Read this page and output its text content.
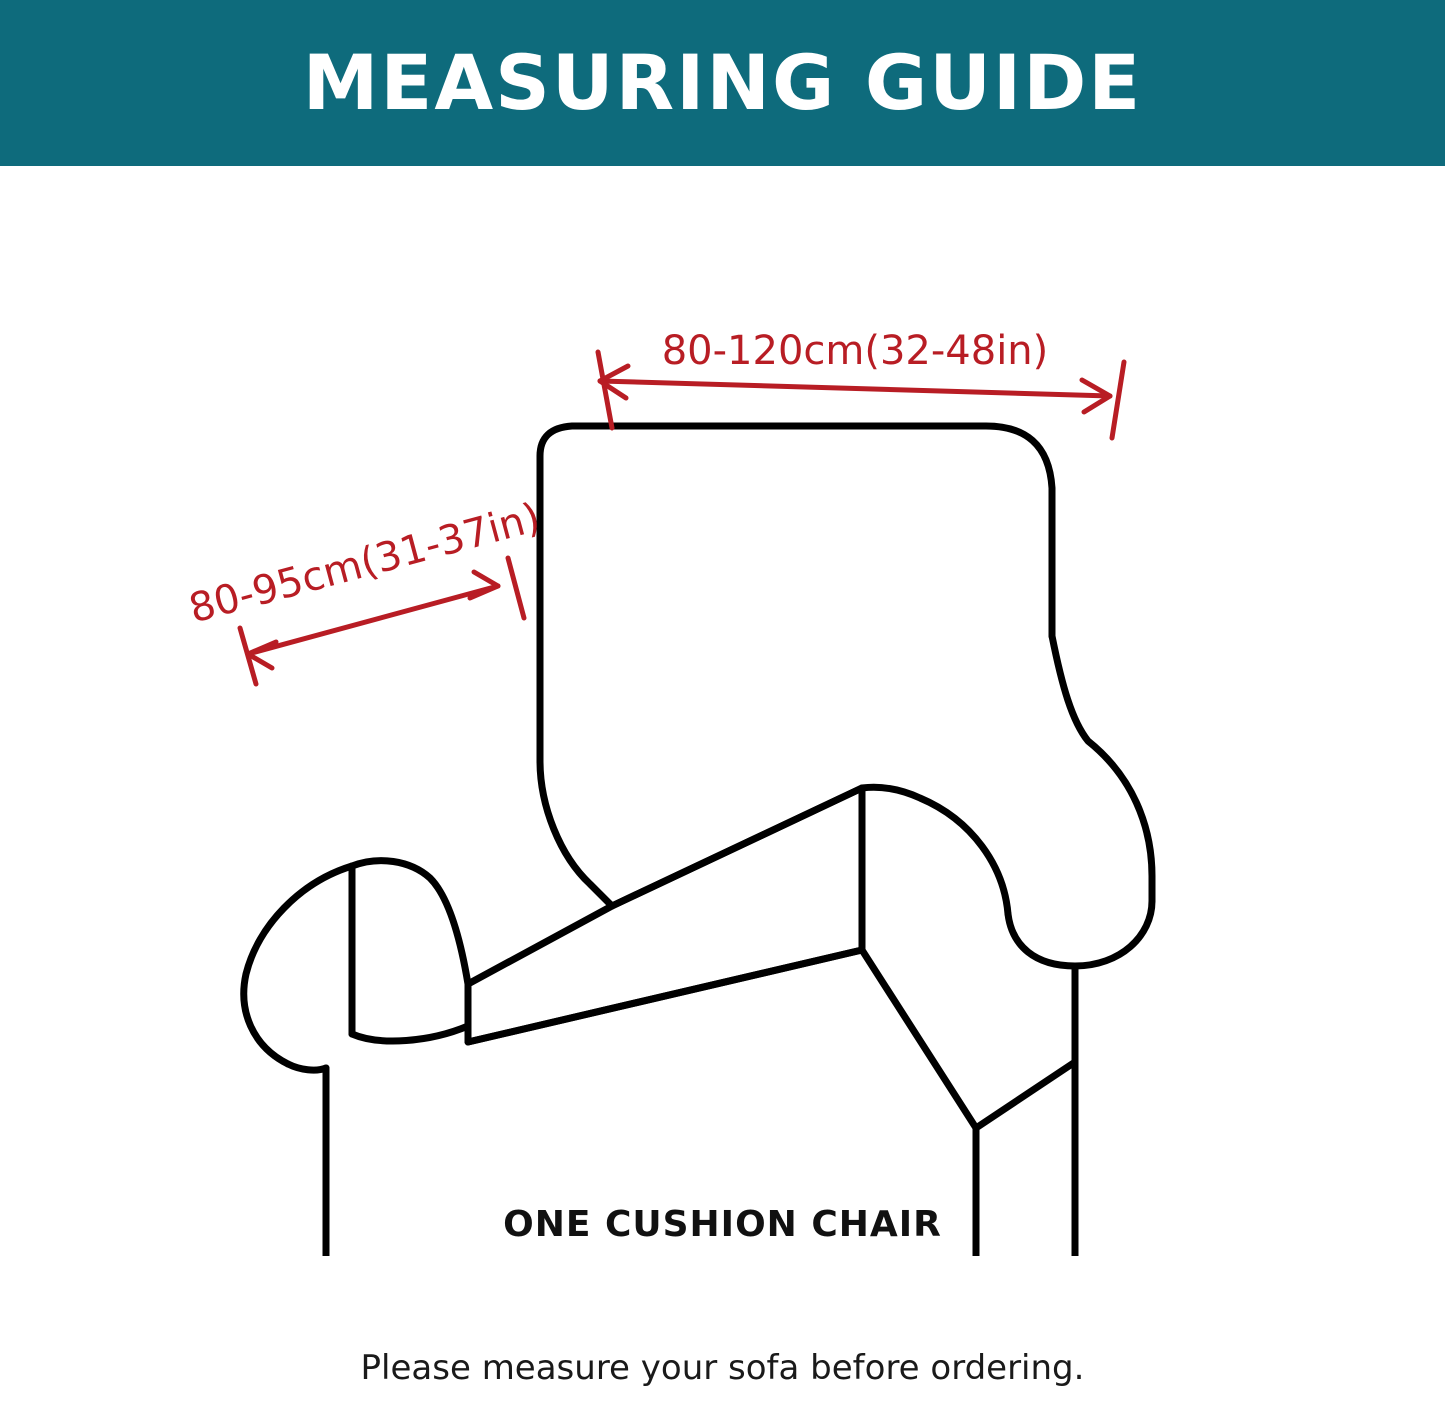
MEASURING GUIDE
80-120cm(32-48in)
80-95cm(31-37in)
ONE CUSHION CHAIR
Please measure your sofa before ordering.
